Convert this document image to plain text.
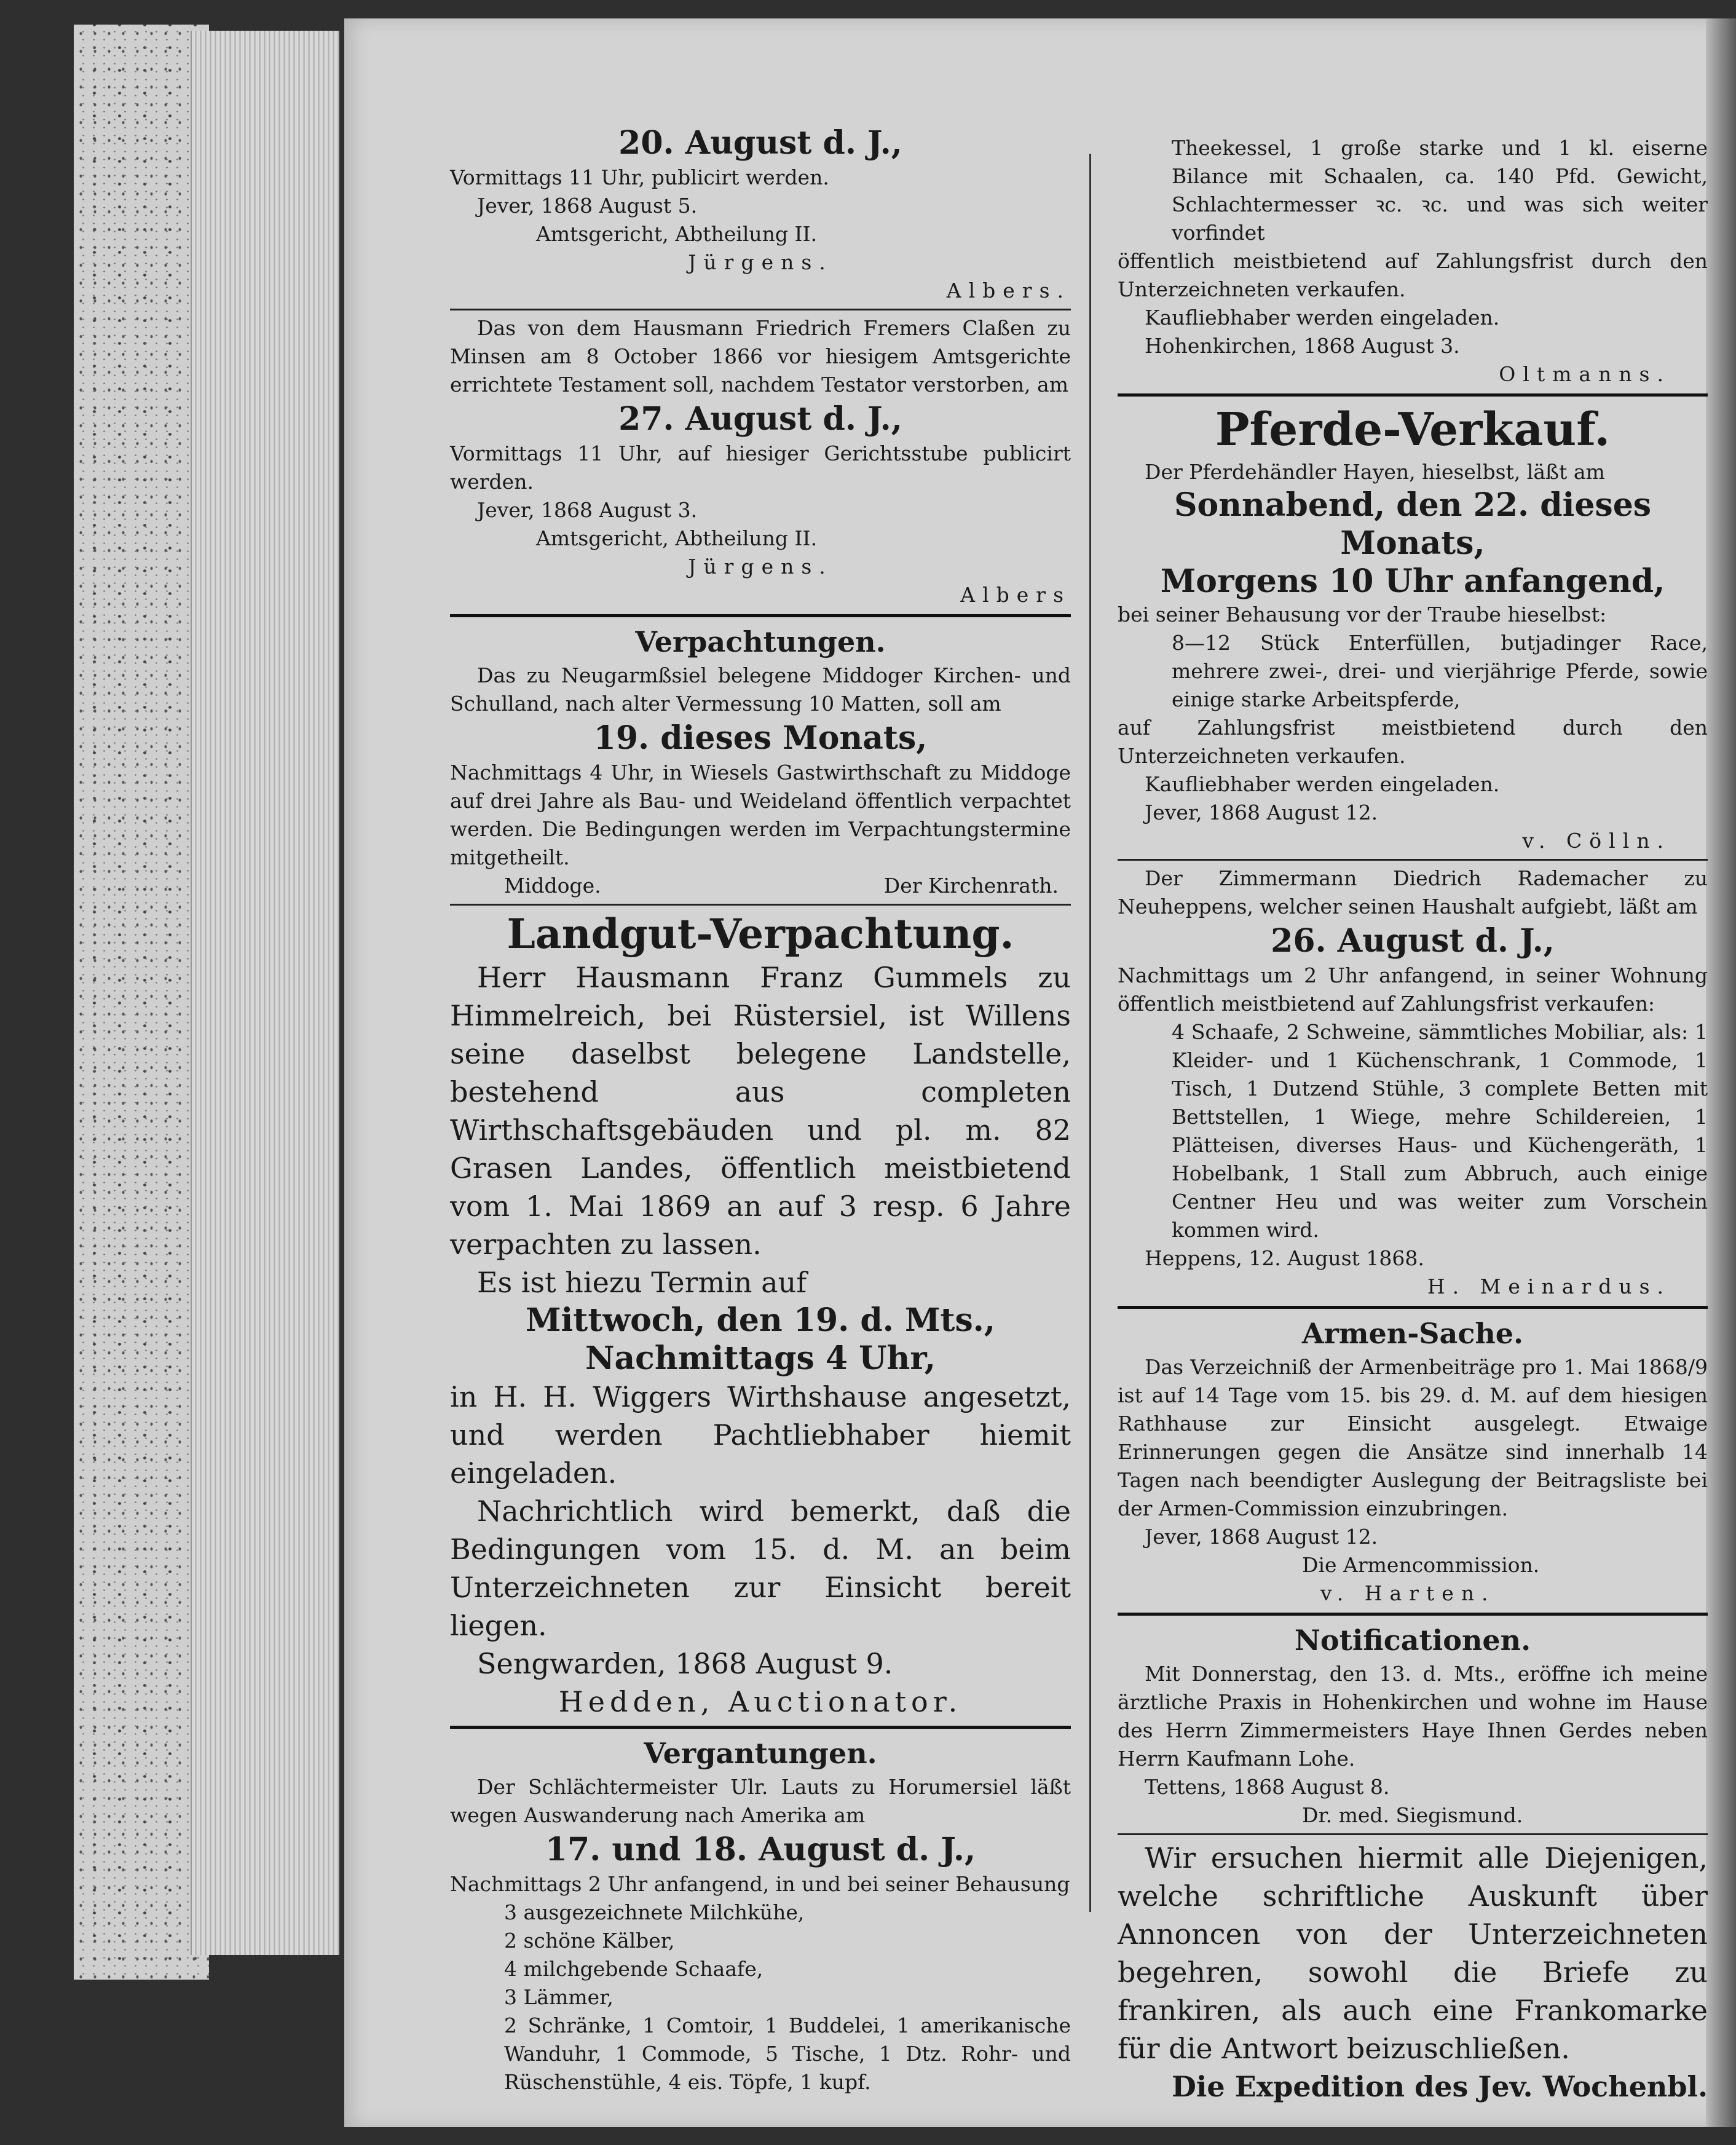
20. August d. J.,

Vormittags 11 Uhr, publicirt werden.

Jever, 1868 August 5.

Amtsgericht, Abtheilung II.

Jürgens.

Albers.

Das von dem Hausmann Friedrich Fremers Claßen zu Minsen am 8 October 1866 vor hiesigem Amtsgerichte errichtete Testament soll, nachdem Testator verstorben, am

27. August d. J.,

Vormittags 11 Uhr, auf hiesiger Gerichtsstube publicirt werden.

Jever, 1868 August 3.

Amtsgericht, Abtheilung II.

Jürgens.

Albers

Verpachtungen.

Das zu Neugarmßsiel belegene Middoger Kirchen- und Schulland, nach alter Vermessung 10 Matten, soll am

19. dieses Monats,

Nachmittags 4 Uhr, in Wiesels Gastwirthschaft zu Middoge auf drei Jahre als Bau- und Weideland öffentlich verpachtet werden. Die Bedingungen werden im Verpachtungstermine mitgetheilt.

Middoge.	Der Kirchenrath.

Landgut-Verpachtung.

Herr Hausmann Franz Gummels zu Himmelreich, bei Rüstersiel, ist Willens seine daselbst belegene Landstelle, bestehend aus completen Wirthschaftsgebäuden und pl. m. 82 Grasen Landes, öffentlich meistbietend vom 1. Mai 1869 an auf 3 resp. 6 Jahre verpachten zu lassen.

Es ist hiezu Termin auf

Mittwoch, den 19. d. Mts.,

Nachmittags 4 Uhr,

in H. H. Wiggers Wirthshause angesetzt, und werden Pachtliebhaber hiemit eingeladen.

Nachrichtlich wird bemerkt, daß die Bedingungen vom 15. d. M. an beim Unterzeichneten zur Einsicht bereit liegen.

Sengwarden, 1868 August 9.

Hedden, Auctionator.

Vergantungen.

Der Schlächtermeister Ulr. Lauts zu Horumersiel läßt wegen Auswanderung nach Amerika am

17. und 18. August d. J.,

Nachmittags 2 Uhr anfangend, in und bei seiner Behausung

3 ausgezeichnete Milchkühe,

2 schöne Kälber,

4 milchgebende Schaafe,

3 Lämmer,

2 Schränke, 1 Comtoir, 1 Buddelei, 1 amerikanische Wanduhr, 1 Commode, 5 Tische, 1 Dtz. Rohr- und Rüschenstühle, 4 eis. Töpfe, 1 kupf.

Theekessel, 1 große starke und 1 kl. eiserne Bilance mit Schaalen, ca. 140 Pfd. Gewicht, Schlachtermesser ꝛc. ꝛc. und was sich weiter vorfindet

öffentlich meistbietend auf Zahlungsfrist durch den Unterzeichneten verkaufen.

Kaufliebhaber werden eingeladen.

Hohenkirchen, 1868 August 3.

Oltmanns.

Pferde-Verkauf.

Der Pferdehändler Hayen, hieselbst, läßt am

Sonnabend, den 22. dieses Monats,

Morgens 10 Uhr anfangend,

bei seiner Behausung vor der Traube hieselbst:

8—12 Stück Enterfüllen, butjadinger Race, mehrere zwei-, drei- und vierjährige Pferde, sowie einige starke Arbeitspferde,

auf Zahlungsfrist meistbietend durch den Unterzeichneten verkaufen.

Kaufliebhaber werden eingeladen.

Jever, 1868 August 12.

v. Cölln.

Der Zimmermann Diedrich Rademacher zu Neuheppens, welcher seinen Haushalt aufgiebt, läßt am

26. August d. J.,

Nachmittags um 2 Uhr anfangend, in seiner Wohnung öffentlich meistbietend auf Zahlungsfrist verkaufen:

4 Schaafe, 2 Schweine, sämmtliches Mobiliar, als: 1 Kleider- und 1 Küchenschrank, 1 Commode, 1 Tisch, 1 Dutzend Stühle, 3 complete Betten mit Bettstellen, 1 Wiege, mehre Schildereien, 1 Plätteisen, diverses Haus- und Küchengeräth, 1 Hobelbank, 1 Stall zum Abbruch, auch einige Centner Heu und was weiter zum Vorschein kommen wird.

Heppens, 12. August 1868.

H. Meinardus.

Armen-Sache.

Das Verzeichniß der Armenbeiträge pro 1. Mai 1868/9 ist auf 14 Tage vom 15. bis 29. d. M. auf dem hiesigen Rathhause zur Einsicht ausgelegt. Etwaige Erinnerungen gegen die Ansätze sind innerhalb 14 Tagen nach beendigter Auslegung der Beitragsliste bei der Armen-Commission einzubringen.

Jever, 1868 August 12.

Die Armencommission.

v. Harten.

Notificationen.

Mit Donnerstag, den 13. d. Mts., eröffne ich meine ärztliche Praxis in Hohenkirchen und wohne im Hause des Herrn Zimmermeisters Haye Ihnen Gerdes neben Herrn Kaufmann Lohe.

Tettens, 1868 August 8.

Dr. med. Siegismund.

Wir ersuchen hiermit alle Diejenigen, welche schriftliche Auskunft über Annoncen von der Unterzeichneten begehren, sowohl die Briefe zu frankiren, als auch eine Frankomarke für die Antwort beizuschließen.

Die Expedition des Jev. Wochenbl.
